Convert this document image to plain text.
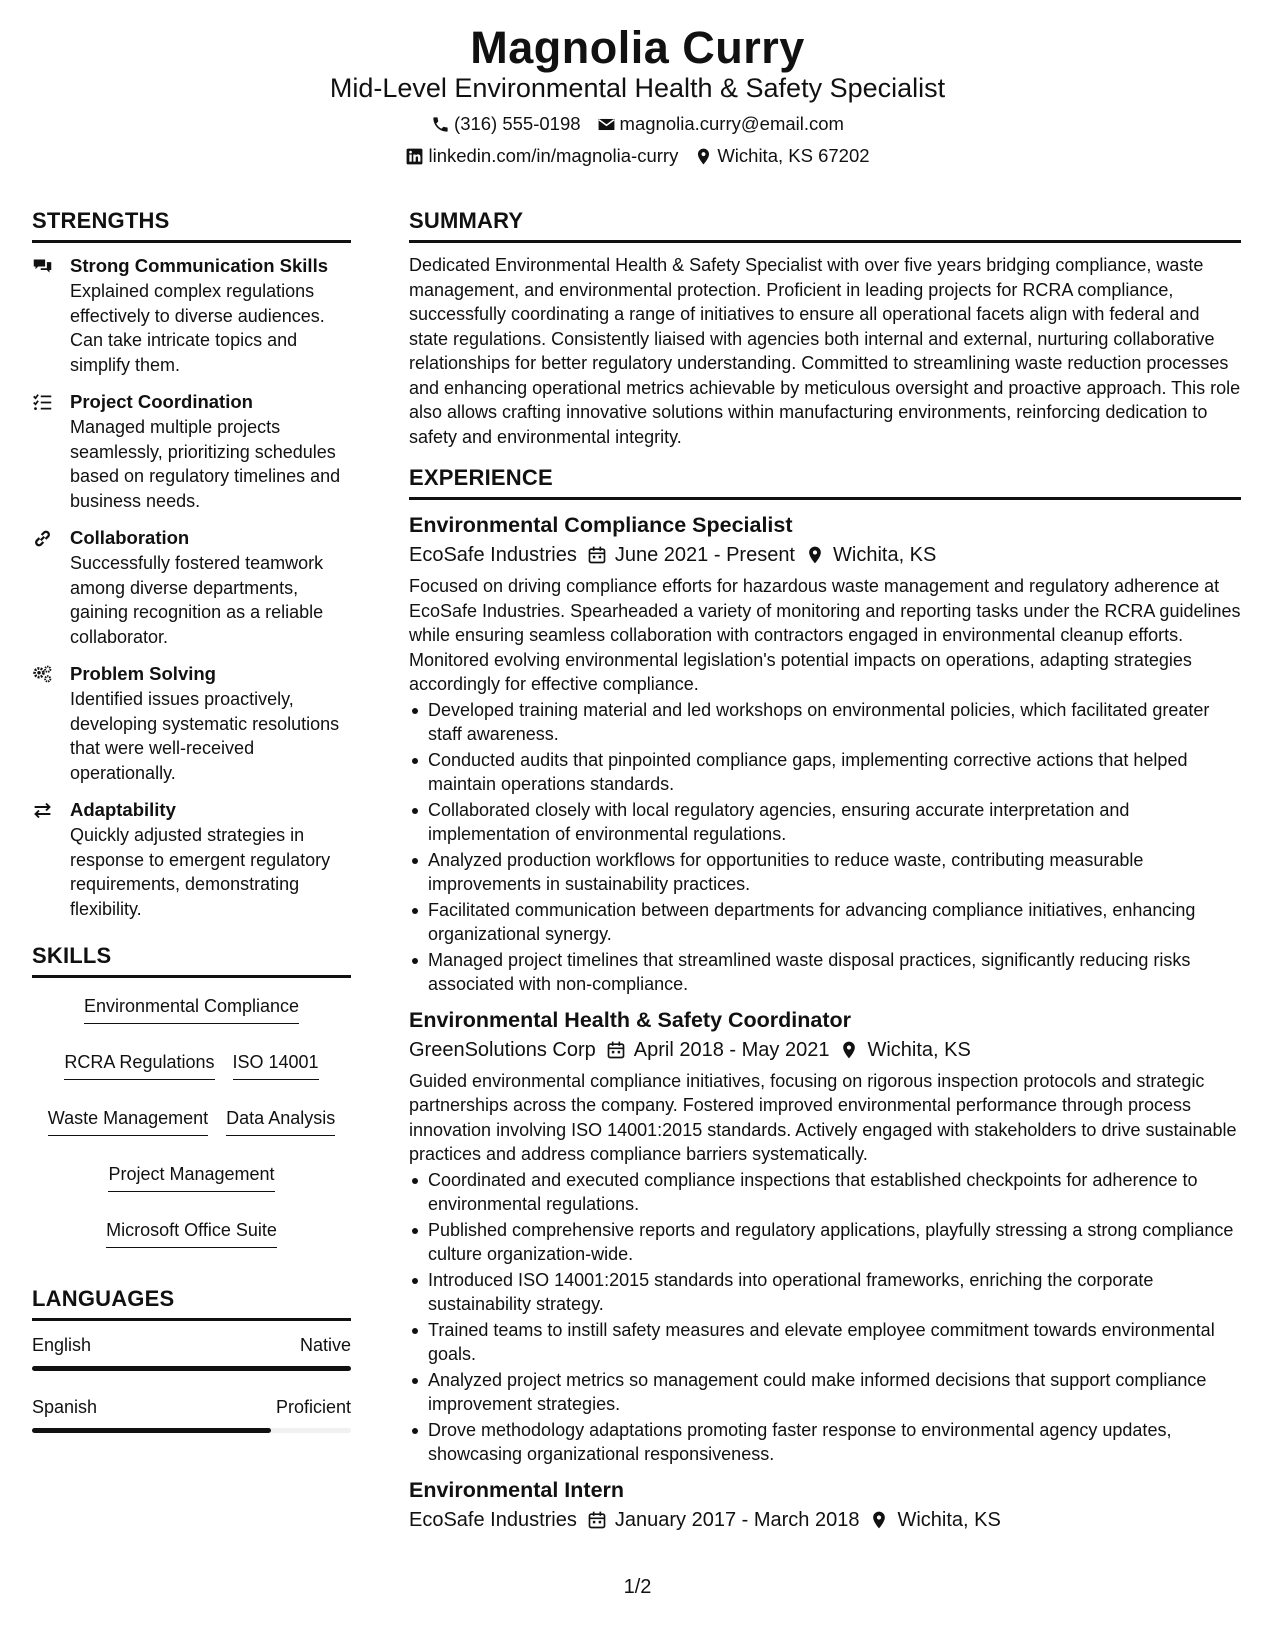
Magnolia Curry
Mid-Level Environmental Health & Safety Specialist
(316) 555-0198 magnolia.curry@email.com
linkedin.com/in/magnolia-curry Wichita, KS 67202
STRENGTHS
Strong Communication Skills
Explained complex regulations effectively to diverse audiences. Can take intricate topics and simplify them.
Project Coordination
Managed multiple projects seamlessly, prioritizing schedules based on regulatory timelines and business needs.
Collaboration
Successfully fostered teamwork among diverse departments, gaining recognition as a reliable collaborator.
Problem Solving
Identified issues proactively, developing systematic resolutions that were well-received operationally.
Adaptability
Quickly adjusted strategies in response to emergent regulatory requirements, demonstrating flexibility.
SKILLS
Environmental Compliance
RCRA Regulations ISO 14001
Waste Management Data Analysis
Project Management
Microsoft Office Suite
LANGUAGES
English	Native
Spanish	Proficient
SUMMARY
Dedicated Environmental Health & Safety Specialist with over five years bridging compliance, waste management, and environmental protection. Proficient in leading projects for RCRA compliance, successfully coordinating a range of initiatives to ensure all operational facets align with federal and state regulations. Consistently liaised with agencies both internal and external, nurturing collaborative relationships for better regulatory understanding. Committed to streamlining waste reduction processes and enhancing operational metrics achievable by meticulous oversight and proactive approach. This role also allows crafting innovative solutions within manufacturing environments, reinforcing dedication to safety and environmental integrity.
EXPERIENCE
Environmental Compliance Specialist
EcoSafe Industries June 2021 - Present Wichita, KS
Focused on driving compliance efforts for hazardous waste management and regulatory adherence at EcoSafe Industries. Spearheaded a variety of monitoring and reporting tasks under the RCRA guidelines while ensuring seamless collaboration with contractors engaged in environmental cleanup efforts. Monitored evolving environmental legislation's potential impacts on operations, adapting strategies accordingly for effective compliance.
Developed training material and led workshops on environmental policies, which facilitated greater staff awareness.
Conducted audits that pinpointed compliance gaps, implementing corrective actions that helped maintain operations standards.
Collaborated closely with local regulatory agencies, ensuring accurate interpretation and implementation of environmental regulations.
Analyzed production workflows for opportunities to reduce waste, contributing measurable improvements in sustainability practices.
Facilitated communication between departments for advancing compliance initiatives, enhancing organizational synergy.
Managed project timelines that streamlined waste disposal practices, significantly reducing risks associated with non-compliance.
Environmental Health & Safety Coordinator
GreenSolutions Corp April 2018 - May 2021 Wichita, KS
Guided environmental compliance initiatives, focusing on rigorous inspection protocols and strategic partnerships across the company. Fostered improved environmental performance through process innovation involving ISO 14001:2015 standards. Actively engaged with stakeholders to drive sustainable practices and address compliance barriers systematically.
Coordinated and executed compliance inspections that established checkpoints for adherence to environmental regulations.
Published comprehensive reports and regulatory applications, playfully stressing a strong compliance culture organization-wide.
Introduced ISO 14001:2015 standards into operational frameworks, enriching the corporate sustainability strategy.
Trained teams to instill safety measures and elevate employee commitment towards environmental goals.
Analyzed project metrics so management could make informed decisions that support compliance improvement strategies.
Drove methodology adaptations promoting faster response to environmental agency updates, showcasing organizational responsiveness.
Environmental Intern
EcoSafe Industries January 2017 - March 2018 Wichita, KS
1/2
